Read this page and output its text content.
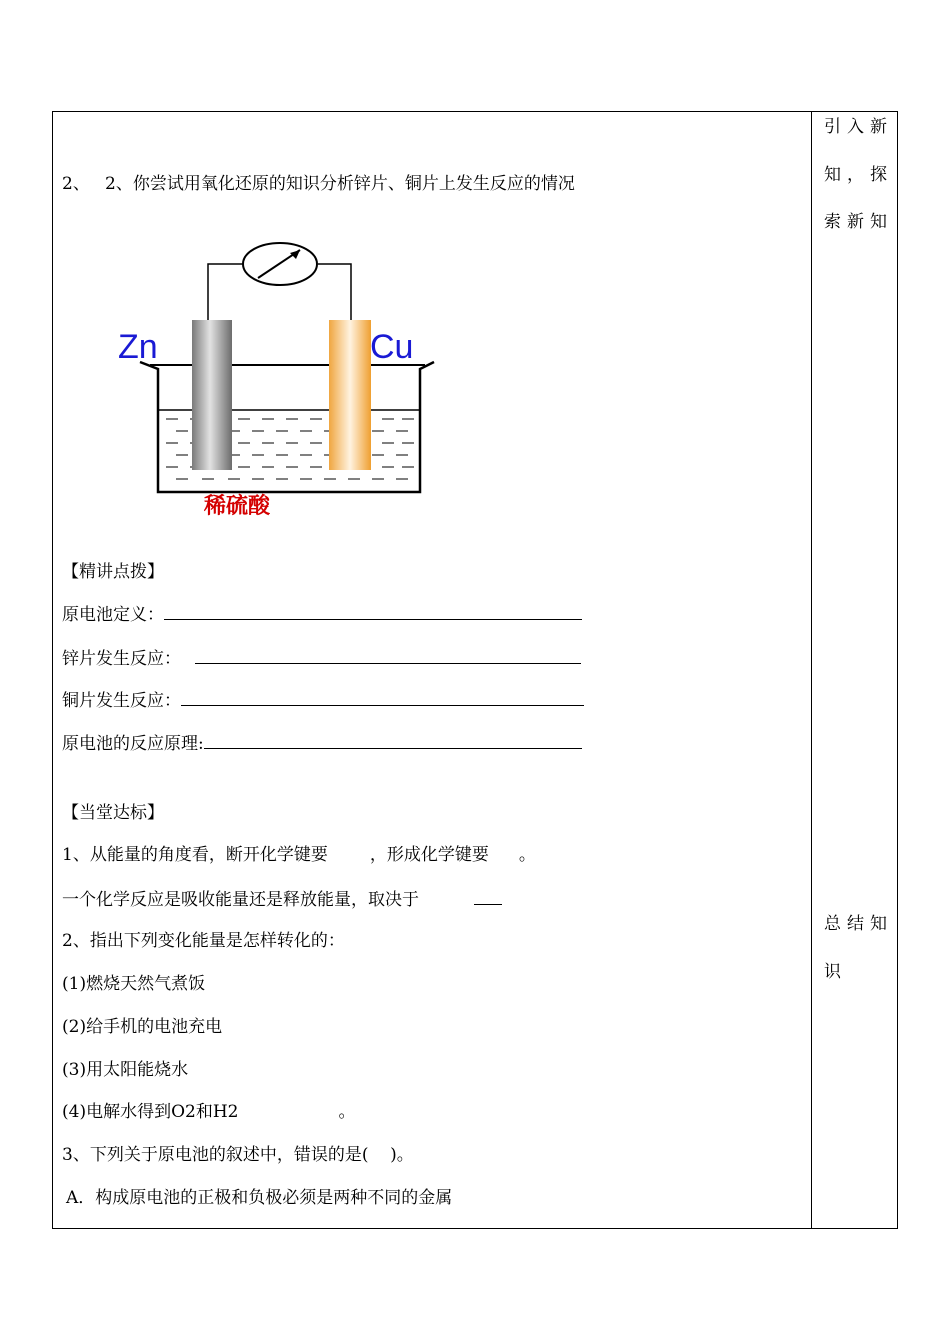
引入新
知，探
索新知
总结知
识
2、 2、你尝试用氧化还原的知识分析锌片、铜片上发生反应的情况
Zn	Cu
稀硫酸
【精讲点拨】
原电池定义：
锌片发生反应：
铜片发生反应：
原电池的反应原理:
【当堂达标】
1、从能量的角度看，断开化学键要 ，形成化学键要 。
一个化学反应是吸收能量还是释放能量，取决于
2、指出下列变化能量是怎样转化的：
(1)燃烧天然气煮饭
(2)给手机的电池充电
(3)用太阳能烧水
(4)电解水得到O2和H2	。
3、下列关于原电池的叙述中，错误的是(    )。
A．构成原电池的正极和负极必须是两种不同的金属
